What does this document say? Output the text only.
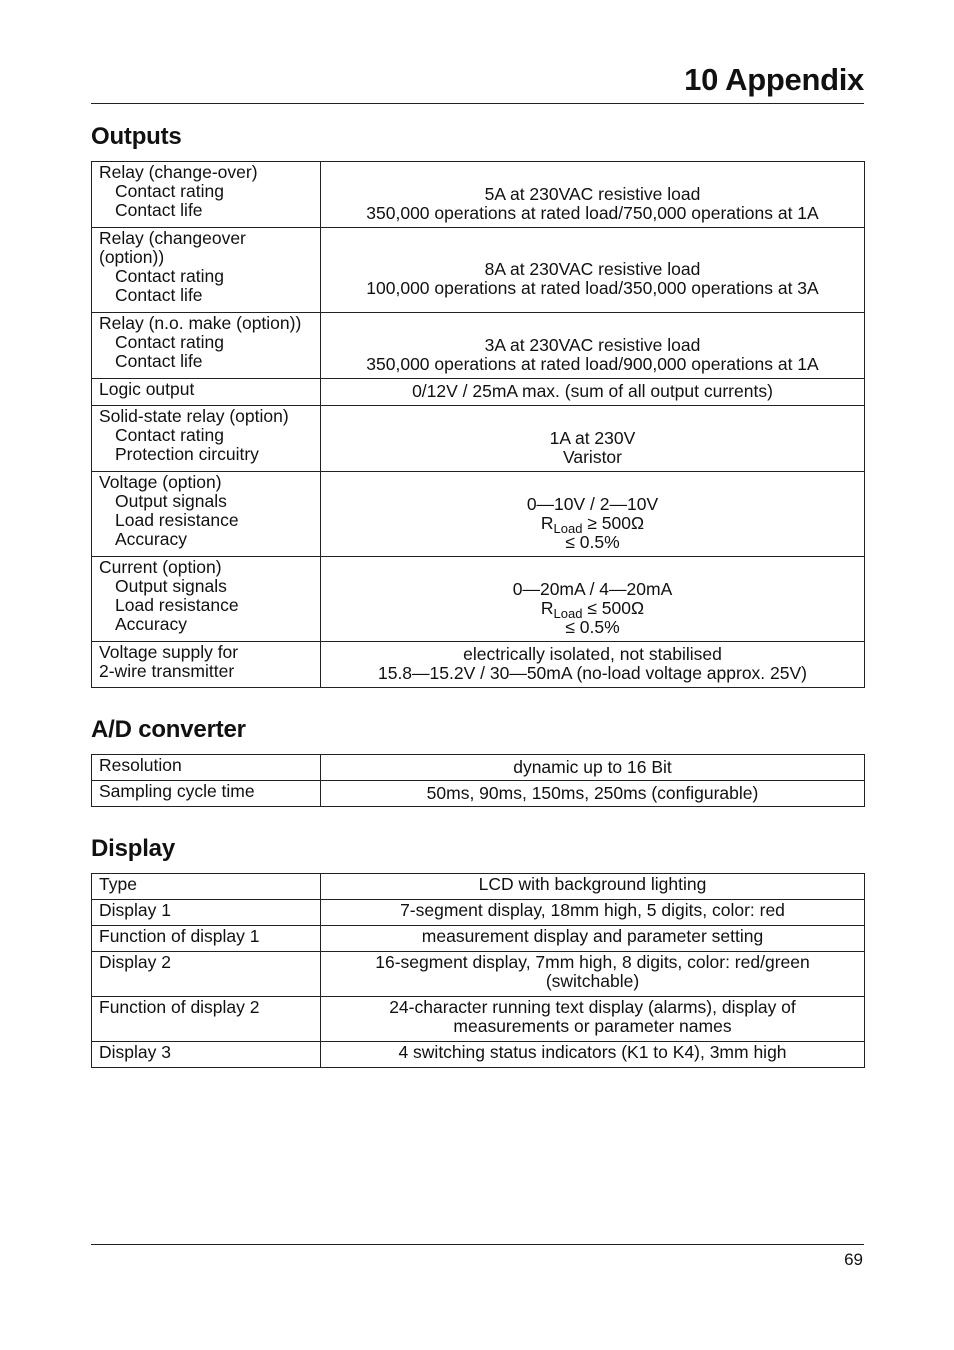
10 Appendix
Outputs
Relay (change-over)
Contact rating
Contact life	5A at 230VAC resistive load
350,000 operations at rated load/750,000 operations at 1A

Relay (changeover
(option))
Contact rating
Contact life	8A at 230VAC resistive load
100,000 operations at rated load/350,000 operations at 3A

Relay (n.o. make (option))
Contact rating
Contact life	3A at 230VAC resistive load
350,000 operations at rated load/900,000 operations at 1A

Logic output	0/12V / 25mA max. (sum of all output currents)

Solid-state relay (option)
Contact rating
Protection circuitry	1A at 230V
Varistor

Voltage (option)
Output signals
Load resistance
Accuracy	0—10V / 2—10V
$R_{Load} \ge 500\Omega$
≤ 0.5%

Current (option)
Output signals
Load resistance
Accuracy	0—20mA / 4—20mA
$R_{Load} \le 500\Omega$
≤ 0.5%

Voltage supply for
2-wire transmitter	electrically isolated, not stabilised
15.8—15.2V / 30—50mA (no-load voltage approx. 25V)
A/D converter
Resolution	dynamic up to 16 Bit
Sampling cycle time	50ms, 90ms, 150ms, 250ms (configurable)
Display
Type	LCD with background lighting
Display 1	7-segment display, 18mm high, 5 digits, color: red
Function of display 1	measurement display and parameter setting
Display 2	16-segment display, 7mm high, 8 digits, color: red/green
(switchable)

Function of display 2	24-character running text display (alarms), display of
measurements or parameter names

Display 3	4 switching status indicators (K1 to K4), 3mm high
69
